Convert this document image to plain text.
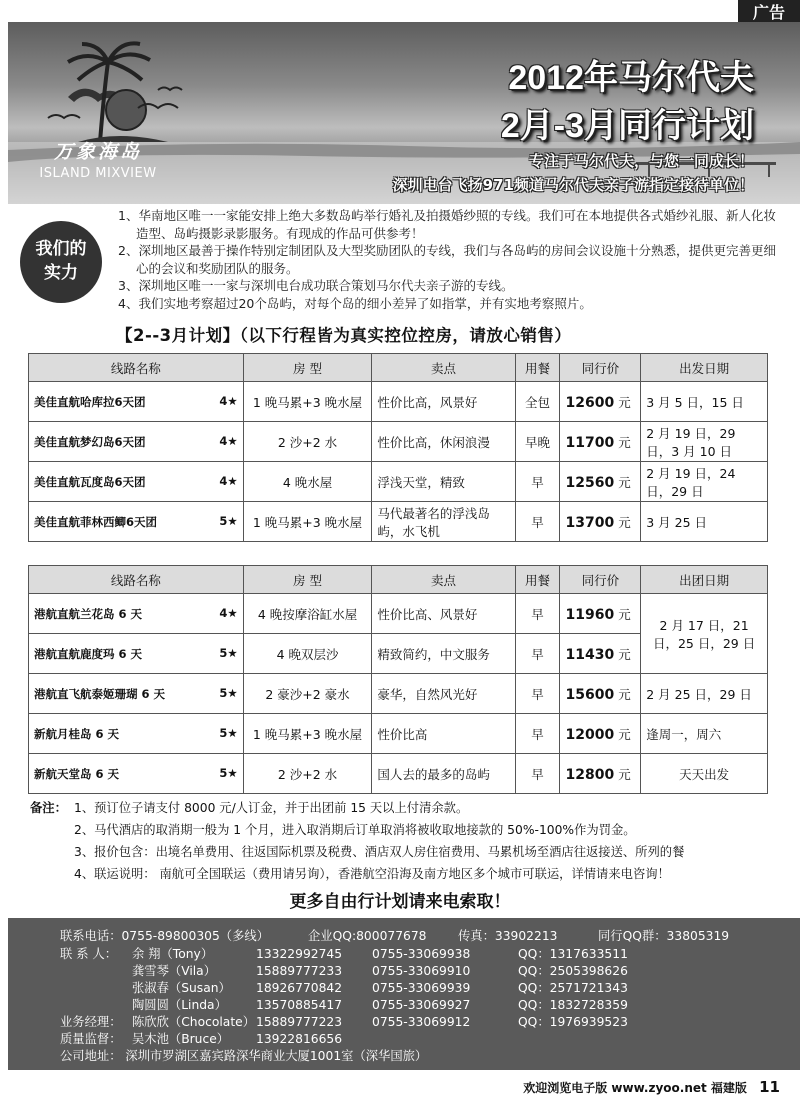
广告
万象海岛
ISLAND MIXVIEW
2012年马尔代夫
2月-3月同行计划
专注于马尔代夫，与您一同成长！
深圳电台飞扬971频道马尔代夫亲子游指定接待单位！
我们的
实力
1、华南地区唯一一家能安排上绝大多数岛屿举行婚礼及拍摄婚纱照的专线。我们可在本地提供各式婚纱礼服、新人化妆造型、岛屿摄影录影服务。有现成的作品可供参考！
2、深圳地区最善于操作特别定制团队及大型奖励团队的专线，我们与各岛屿的房间会议设施十分熟悉，提供更完善更细心的会议和奖励团队的服务。
3、深圳地区唯一一家与深圳电台成功联合策划马尔代夫亲子游的专线。
4、我们实地考察超过20个岛屿，对每个岛的细小差异了如指掌，并有实地考察照片。
【2--3月计划】（以下行程皆为真实控位控房，请放心销售）
线路名称	房 型	卖点	用餐	同行价	出发日期
美佳直航哈库拉6天团 4★	1 晚马累+3 晚水屋	性价比高，风景好	全包	12600 元	3 月 5 日，15 日
美佳直航梦幻岛6天团 4★	2 沙+2 水	性价比高，休闲浪漫	早晚	11700 元	2 月 19 日，29 日，3 月 10 日
美佳直航瓦度岛6天团 4★	4 晚水屋	浮浅天堂，精致	早	12560 元	2 月 19 日，24 日，29 日
美佳直航菲林西鲫6天团 5★	1 晚马累+3 晚水屋	马代最著名的浮浅岛屿，水飞机	早	13700 元	3 月 25 日
线路名称	房 型	卖点	用餐	同行价	出团日期
港航直航兰花岛 6 天 4★	4 晚按摩浴缸水屋	性价比高、风景好	早	11960 元	2 月 17 日，21 日，25 日，29 日
港航直航鹿度玛 6 天 5★	4 晚双层沙	精致简约，中文服务	早	11430 元	
港航直飞航泰姬珊瑚 6 天 5★	2 豪沙+2 豪水	豪华，自然风光好	早	15600 元	2 月 25 日，29 日
新航月桂岛 6 天 5★	1 晚马累+3 晚水屋	性价比高	早	12000 元	逢周一，周六
新航天堂岛 6 天 5★	2 沙+2 水	国人去的最多的岛屿	早	12800 元	天天出发
备注： 1、预订位子请支付 8000 元/人订金，并于出团前 15 天以上付清余款。
2、马代酒店的取消期一般为 1 个月，进入取消期后订单取消将被收取地接款的 50%-100%作为罚金。
3、报价包含：出境名单费用、往返国际机票及税费、酒店双人房住宿费用、马累机场至酒店往返接送、所列的餐
4、联运说明： 南航可全国联运（费用请另询），香港航空沿海及南方地区多个城市可联运，详情请来电咨询！
更多自由行计划请来电索取！
联系电话：0755-89800305（多线）	企业QQ:800077678	传真：33902213	同行QQ群：33805319
联 系 人： 余 翔（Tony）	13322992745 0755-33069938	QQ：1317633511
龚雪琴（Vila）	15889777233 0755-33069910	QQ：2505398626
张淑春（Susan） 18926770842 0755-33069939	QQ：2571721343
陶圆圆（Linda） 13570885417 0755-33069927	QQ：1832728359
业务经理： 陈欣欣（Chocolate） 15889777223 0755-33069912	QQ：1976939523
质量监督： 吴木池（Bruce） 13922816656
公司地址： 深圳市罗湖区嘉宾路深华商业大厦1001室（深华国旅）
欢迎浏览电子版 www.zyoo.net 福建版 11
